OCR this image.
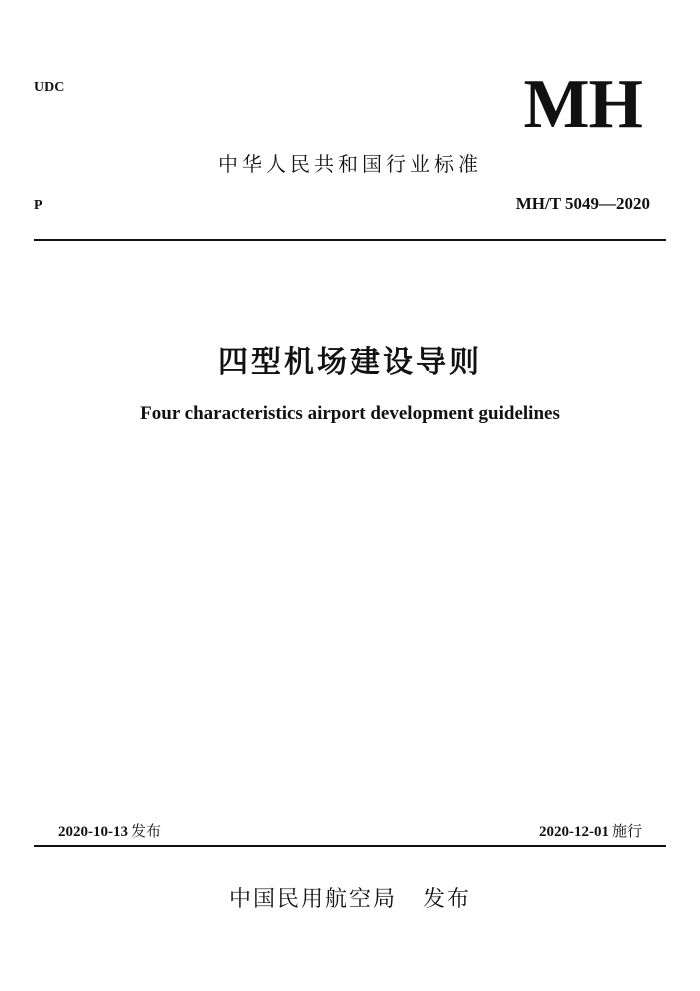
UDC	MH
中华人民共和国行业标准
P	MH/T 5049—2020
四型机场建设导则
Four characteristics airport development guidelines
2020-10-13 发布	2020-12-01 施行
中国民用航空局 发布
